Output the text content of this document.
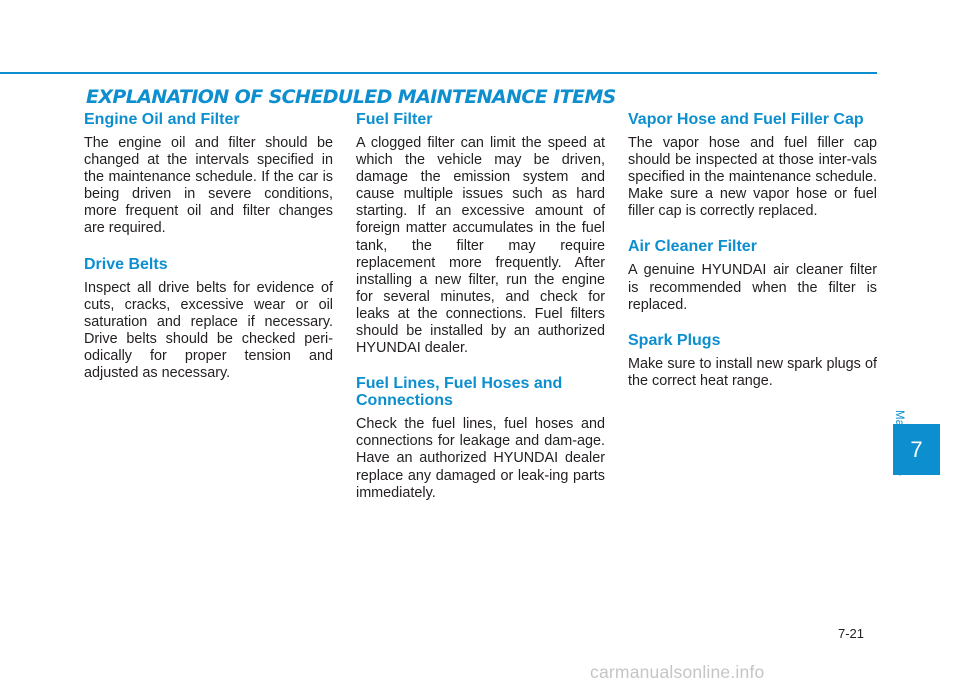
EXPLANATION OF SCHEDULED MAINTENANCE ITEMS
Engine Oil and Filter

The engine oil and filter should be changed at the intervals specified in the maintenance schedule. If the car is being driven in severe conditions, more frequent oil and filter changes are required.

Drive Belts

Inspect all drive belts for evidence of cuts, cracks, excessive wear or oil saturation and replace if necessary. Drive belts should be checked peri-odically for proper tension and adjusted as necessary.

Fuel Filter

A clogged filter can limit the speed at which the vehicle may be driven, damage the emission system and cause multiple issues such as hard starting. If an excessive amount of foreign matter accumulates in the fuel tank, the filter may require replacement more frequently. After installing a new filter, run the engine for several minutes, and check for leaks at the connections. Fuel filters should be installed by an authorized HYUNDAI dealer.

Fuel Lines, Fuel Hoses and Connections

Check the fuel lines, fuel hoses and connections for leakage and dam-age. Have an authorized HYUNDAI dealer replace any damaged or leak-ing parts immediately.

Vapor Hose and Fuel Filler Cap

The vapor hose and fuel filler cap should be inspected at those inter-vals specified in the maintenance schedule. Make sure a new vapor hose or fuel filler cap is correctly replaced.

Air Cleaner Filter

A genuine HYUNDAI air cleaner filter is recommended when the filter is replaced.

Spark Plugs

Make sure to install new spark plugs of the correct heat range.

7
7-21
carmanualsonline.info
